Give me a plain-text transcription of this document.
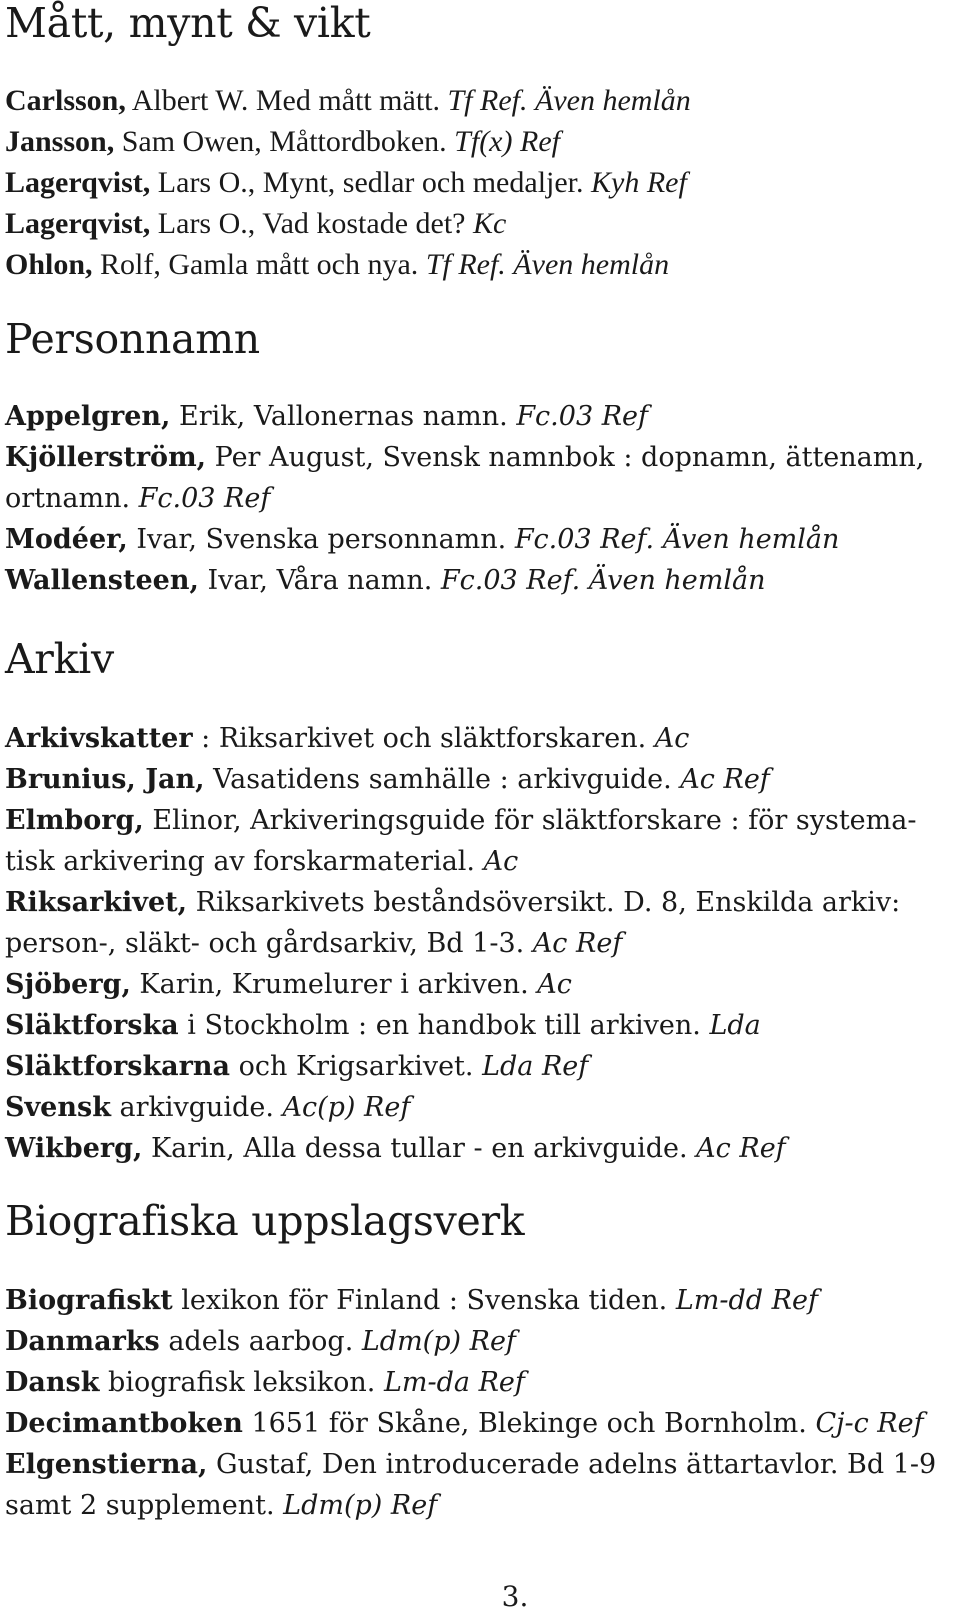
Mått, mynt & vikt
Carlsson, Albert W. Med mått mätt. Tf Ref. Även hemlån
Jansson, Sam Owen, Måttordboken. Tf(x) Ref
Lagerqvist, Lars O., Mynt, sedlar och medaljer. Kyh Ref
Lagerqvist, Lars O., Vad kostade det? Kc
Ohlon, Rolf, Gamla mått och nya. Tf Ref. Även hemlån
Personnamn
Appelgren, Erik, Vallonernas namn. Fc.03 Ref
Kjöllerström, Per August, Svensk namnbok : dopnamn, ättenamn,
ortnamn. Fc.03 Ref
Modéer, Ivar, Svenska personnamn. Fc.03 Ref. Även hemlån
Wallensteen, Ivar, Våra namn. Fc.03 Ref. Även hemlån
Arkiv
Arkivskatter : Riksarkivet och släktforskaren. Ac
Brunius, Jan, Vasatidens samhälle : arkivguide. Ac Ref
Elmborg, Elinor, Arkiveringsguide för släktforskare : för systema-
tisk arkivering av forskarmaterial. Ac
Riksarkivet, Riksarkivets beståndsöversikt. D. 8, Enskilda arkiv:
person-, släkt- och gårdsarkiv, Bd 1-3. Ac Ref
Sjöberg, Karin, Krumelurer i arkiven. Ac
Släktforska i Stockholm : en handbok till arkiven. Lda
Släktforskarna och Krigsarkivet. Lda Ref
Svensk arkivguide. Ac(p) Ref
Wikberg, Karin, Alla dessa tullar - en arkivguide. Ac Ref
Biografiska uppslagsverk
Biografiskt lexikon för Finland : Svenska tiden. Lm-dd Ref
Danmarks adels aarbog. Ldm(p) Ref
Dansk biografisk leksikon. Lm-da Ref
Decimantboken 1651 för Skåne, Blekinge och Bornholm. Cj-c Ref
Elgenstierna, Gustaf, Den introducerade adelns ättartavlor. Bd 1-9
samt 2 supplement. Ldm(p) Ref
3.
